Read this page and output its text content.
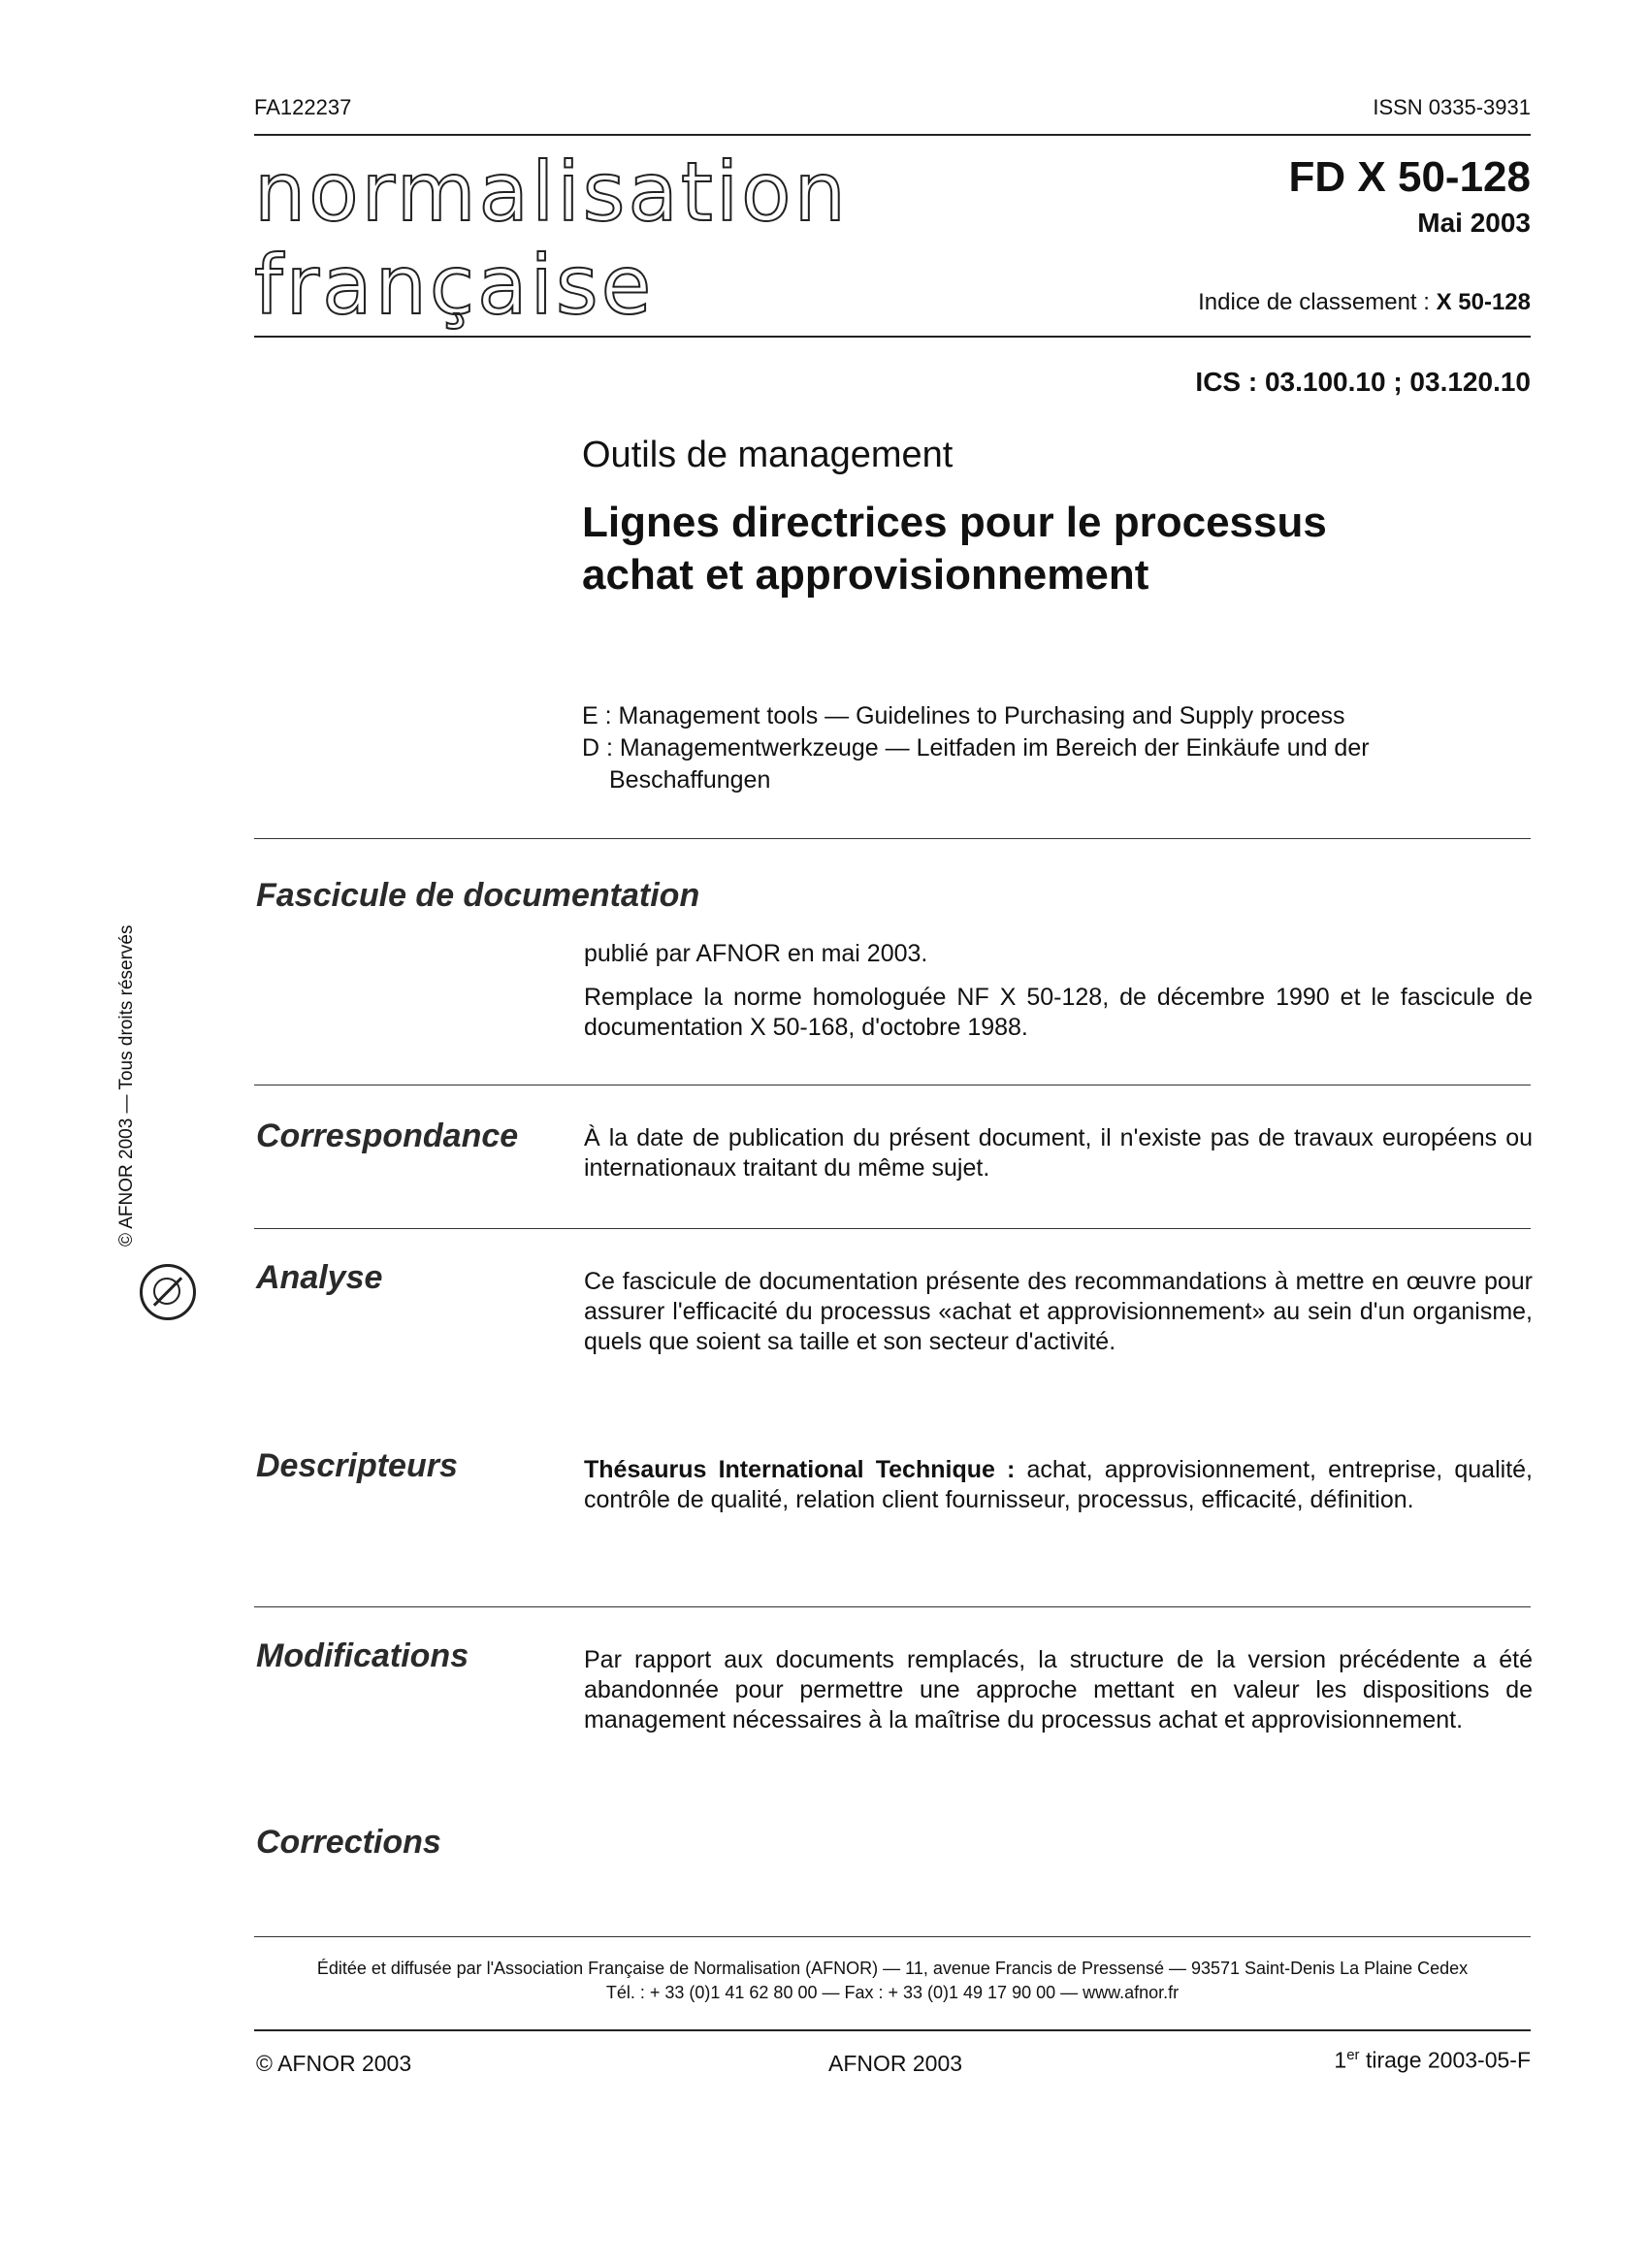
FA122237	ISSN 0335-3931
normalisation
française
FD X 50-128
Mai 2003
Indice de classement : X 50-128
ICS : 03.100.10 ; 03.120.10
Outils de management
Lignes directrices pour le processus
achat et approvisionnement
E : Management tools — Guidelines to Purchasing and Supply process
D : Managementwerkzeuge — Leitfaden im Bereich der Einkäufe und der
Beschaffungen
Fascicule de documentation

publié par AFNOR en mai 2003.

Remplace la norme homologuée NF X 50-128, de décembre 1990 et le fascicule de documentation X 50-168, d'octobre 1988.

Correspondance	À la date de publication du présent document, il n'existe pas de travaux européens ou internationaux traitant du même sujet.

Analyse	Ce fascicule de documentation présente des recommandations à mettre en œuvre pour assurer l'efficacité du processus «achat et approvisionnement» au sein d'un organisme, quels que soient sa taille et son secteur d'activité.

Descripteurs	Thésaurus International Technique : achat, approvisionnement, entreprise, qualité, contrôle de qualité, relation client fournisseur, processus, efficacité, définition.

Modifications	Par rapport aux documents remplacés, la structure de la version précédente a été abandonnée pour permettre une approche mettant en valeur les dispositions de management nécessaires à la maîtrise du processus achat et approvisionnement.

Corrections
Éditée et diffusée par l'Association Française de Normalisation (AFNOR) — 11, avenue Francis de Pressensé — 93571 Saint-Denis La Plaine Cedex
Tél. : + 33 (0)1 41 62 80 00 — Fax : + 33 (0)1 49 17 90 00 — www.afnor.fr
© AFNOR 2003	AFNOR 2003	1er tirage 2003-05-F
© AFNOR 2003 — Tous droits réservés
